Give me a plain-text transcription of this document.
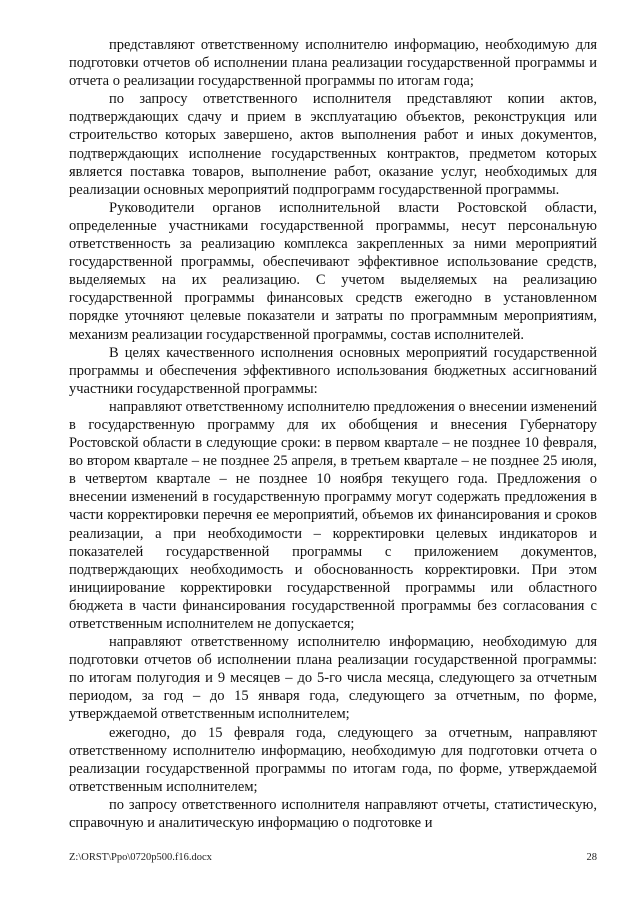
представляют ответственному исполнителю информацию, необходимую для подготовки отчетов об исполнении плана реализации государственной программы и отчета о реализации государственной программы по итогам года;

по запросу ответственного исполнителя представляют копии актов, подтверждающих сдачу и прием в эксплуатацию объектов, реконструкция или строительство которых завершено, актов выполнения работ и иных документов, подтверждающих исполнение государственных контрактов, предметом которых является поставка товаров, выполнение работ, оказание услуг, необходимых для реализации основных мероприятий подпрограмм государственной программы.

Руководители органов исполнительной власти Ростовской области, определенные участниками государственной программы, несут персональную ответственность за реализацию комплекса закрепленных за ними мероприятий государственной программы, обеспечивают эффективное использование средств, выделяемых на их реализацию. С учетом выделяемых на реализацию государственной программы финансовых средств ежегодно в установленном порядке уточняют целевые показатели и затраты по программным мероприятиям, механизм реализации государственной программы, состав исполнителей.

В целях качественного исполнения основных мероприятий государственной программы и обеспечения эффективного использования бюджетных ассигнований участники государственной программы:

направляют ответственному исполнителю предложения о внесении изменений в государственную программу для их обобщения и внесения Губернатору Ростовской области в следующие сроки: в первом квартале – не позднее 10 февраля, во втором квартале – не позднее 25 апреля, в третьем квартале – не позднее 25 июля, в четвертом квартале – не позднее 10 ноября текущего года. Предложения о внесении изменений в государственную программу могут содержать предложения в части корректировки перечня ее мероприятий, объемов их финансирования и сроков реализации, а при необходимости – корректировки целевых индикаторов и показателей государственной программы с приложением документов, подтверждающих необходимость и обоснованность корректировки. При этом инициирование корректировки государственной программы или областного бюджета в части финансирования государственной программы без согласования с ответственным исполнителем не допускается;

направляют ответственному исполнителю информацию, необходимую для подготовки отчетов об исполнении плана реализации государственной программы: по итогам полугодия и 9 месяцев – до 5-го числа месяца, следующего за отчетным периодом, за год – до 15 января года, следующего за отчетным, по форме, утверждаемой ответственным исполнителем;

ежегодно, до 15 февраля года, следующего за отчетным, направляют ответственному исполнителю информацию, необходимую для подготовки отчета о реализации государственной программы по итогам года, по форме, утверждаемой ответственным исполнителем;

по запросу ответственного исполнителя направляют отчеты, статистическую, справочную и аналитическую информацию о подготовке и

Z:\ORST\Ppo\0720p500.f16.docx	28
